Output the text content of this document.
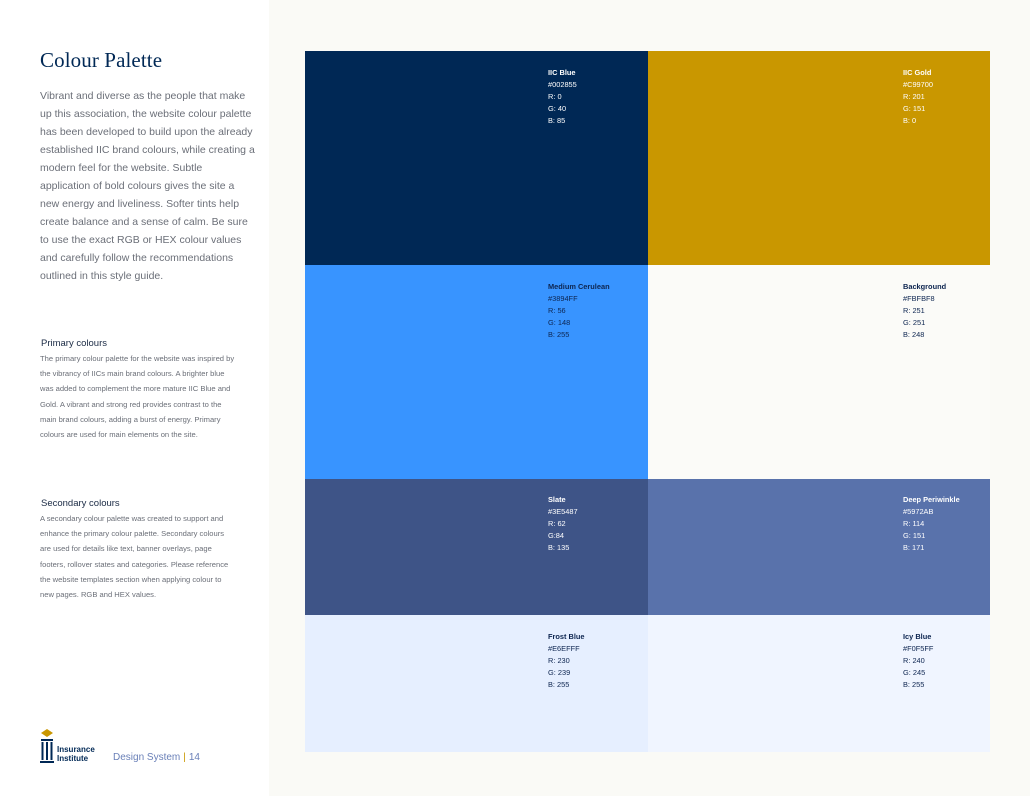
Colour Palette

Vibrant and diverse as the people that make up this association, the website colour palette has been developed to build upon the already established IIC brand colours, while creating a modern feel for the website. Subtle application of bold colours gives the site a new energy and liveliness. Softer tints help create balance and a sense of calm. Be sure to use the exact RGB or HEX colour values and carefully follow the recommendations outlined in this style guide.

Primary colours

The primary colour palette for the website was inspired by the vibrancy of IICs main brand colours. A brighter blue was added to complement the more mature IIC Blue and Gold. A vibrant and strong red provides contrast to the main brand colours, adding a burst of energy. Primary colours are used for main elements on the site.

Secondary colours

A secondary colour palette was created to support and enhance the primary colour palette. Secondary colours are used for details like text, banner overlays, page footers, rollover states and categories. Please reference the website templates section when applying colour to new pages. RGB and HEX values.

Insurance
Institute	Design System | 14
IIC Blue
#002855
R: 0
G: 40
B: 85
IIC Gold
#C99700
R: 201
G: 151
B: 0
Medium Cerulean
#3894FF
R: 56
G: 148
B: 255
Background
#FBFBF8
R: 251
G: 251
B: 248
Slate
#3E5487
R: 62
G:84
B: 135
Deep Periwinkle
#5972AB
R: 114
G: 151
B: 171
Frost Blue
#E6EFFF
R: 230
G: 239
B: 255
Icy Blue
#F0F5FF
R: 240
G: 245
B: 255
